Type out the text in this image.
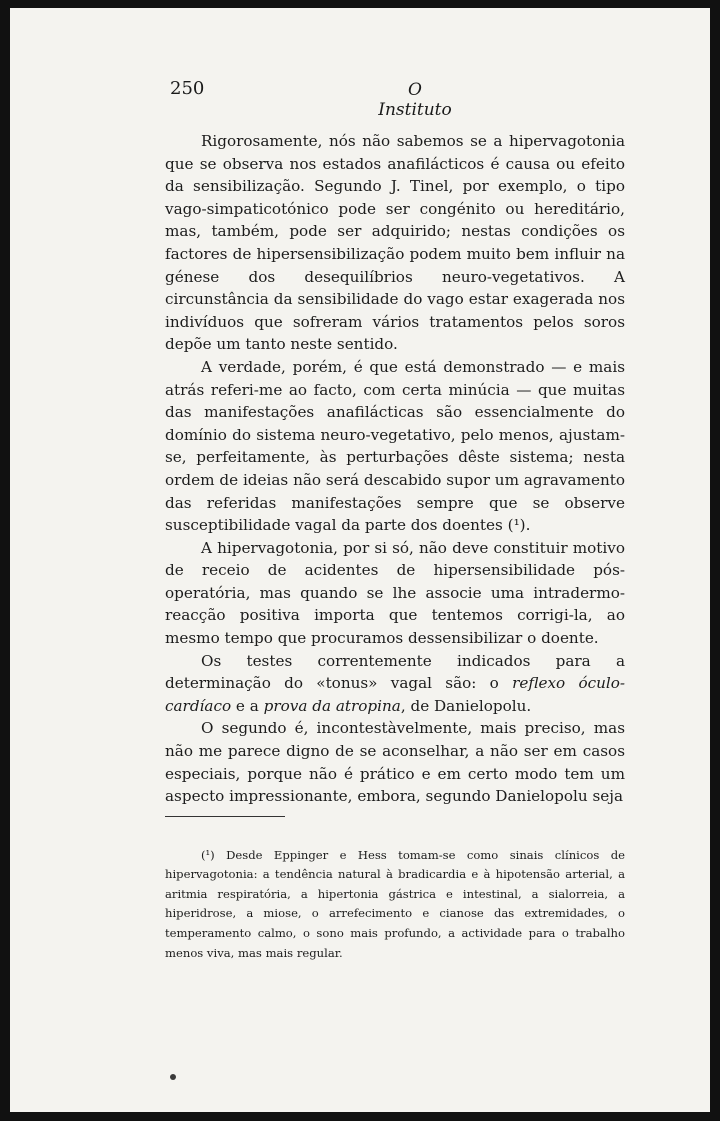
250	O Instituto

Rigorosamente, nós não sabemos se a hipervagotonia que se observa nos estados anafilácticos é causa ou efeito da sensibilização. Segundo J. Tinel, por exemplo, o tipo vago-simpaticotónico pode ser congénito ou hereditário, mas, também, pode ser adquirido; nestas condições os factores de hipersensibilização podem muito bem influir na génese dos desequilíbrios neuro-vegetativos. A circunstância da sensibilidade do vago estar exagerada nos indivíduos que sofreram vários tratamentos pelos soros depõe um tanto neste sentido.

A verdade, porém, é que está demonstrado — e mais atrás referi-me ao facto, com certa minúcia — que muitas das manifestações anafilácticas são essencialmente do domínio do sistema neuro-vegetativo, pelo menos, ajustam-se, perfeitamente, às perturbações dêste sistema; nesta ordem de ideias não será descabido supor um agravamento das referidas manifestações sempre que se observe susceptibilidade vagal da parte dos doentes (¹).

A hipervagotonia, por si só, não deve constituir motivo de receio de acidentes de hipersensibilidade pós-operatória, mas quando se lhe associe uma intradermo-reacção positiva importa que tentemos corrigi-la, ao mesmo tempo que procuramos dessensibilizar o doente.

Os testes correntemente indicados para a determinação do «tonus» vagal são: o reflexo óculo-cardíaco e a prova da atropina, de Danielopolu.

O segundo é, incontestàvelmente, mais preciso, mas não me parece digno de se aconselhar, a não ser em casos especiais, porque não é prático e em certo modo tem um aspecto impressionante, embora, segundo Danielopolu seja

(¹) Desde Eppinger e Hess tomam-se como sinais clínicos de hipervagotonia: a tendência natural à bradicardia e à hipotensão arterial, a aritmia respiratória, a hipertonia gástrica e intestinal, a sialorreia, a hiperidrose, a miose, o arrefecimento e cianose das extremidades, o temperamento calmo, o sono mais profundo, a actividade para o trabalho menos viva, mas mais regular.
